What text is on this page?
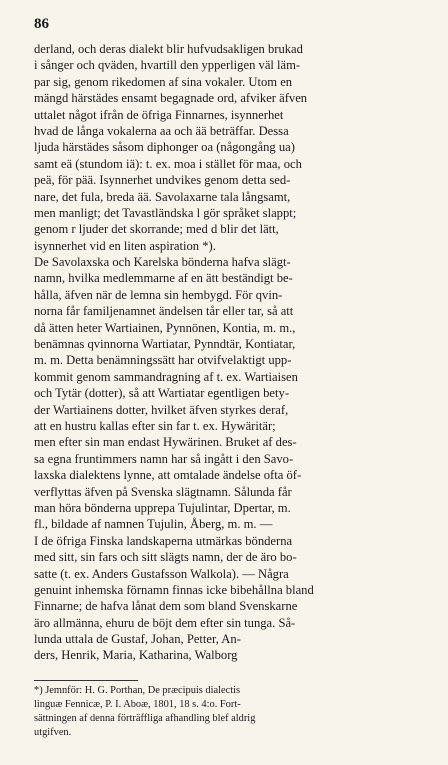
86

derland, och deras dialekt blir hufvudsakligen brukad
i sånger och qväden, hvartill den ypperligen väl läm-
par sig, genom rikedomen af sina vokaler. Utom en
mängd härstädes ensamt begagnade ord, afviker äfven
uttalet något ifrån de öfriga Finnarnes, isynnerhet
hvad de långa vokalerna aa och ää beträffar. Dessa
ljuda härstädes såsom diphonger oa (någongång ua)
samt eä (stundom iä): t. ex. moa i stället för maa, och
peä, för pää. Isynnerhet undvikes genom detta sed-
nare, det fula, breda ää. Savolaxarne tala långsamt,
men manligt; det Tavastländska l gör språket slappt;
genom r ljuder det skorrande; med d blir det lätt,
isynnerhet vid en liten aspiration *).
De Savolaxska och Karelska bönderna hafva slägt-
namn, hvilka medlemmarne af en ätt beständigt be-
hålla, äfven när de lemna sin hembygd. För qvin-
norna får familjenamnet ändelsen tår eller tar, så att
då ätten heter Wartiainen, Pynnönen, Kontia, m. m.,
benämnas qvinnorna Wartiatar, Pynndtär, Kontiatar,
m. m. Detta benämningssätt har otvifvelaktigt upp-
kommit genom sammandragning af t. ex. Wartiaisen
och Tytär (dotter), så att Wartiatar egentligen bety-
der Wartiainens dotter, hvilket äfven styrkes deraf,
att en hustru kallas efter sin far t. ex. Hywäritär;
men efter sin man endast Hywärinen. Bruket af des-
sa egna fruntimmers namn har så ingått i den Savo-
laxska dialektens lynne, att omtalade ändelse ofta öf-
verflyttas äfven på Svenska slägtnamn. Sålunda får
man höra bönderna upprepa Tujulintar, Dpertar, m.
fl., bildade af namnen Tujulin, Åberg, m. m. —
I de öfriga Finska landskaperna utmärkas bönderna
med sitt, sin fars och sitt slägts namn, der de äro bo-
satte (t. ex. Anders Gustafsson Walkola). — Några
genuint inhemska förnamn finnas icke bibehållna bland
Finnarne; de hafva lånat dem som bland Svenskarne
äro allmänna, ehuru de böjt dem efter sin tunga. Så-
lunda uttala de Gustaf, Johan, Petter, An-
ders, Henrik, Maria, Katharina, Walborg
*) Jemnför: H. G. Porthan, De præcipuis dialectis
linguæ Fennicæ, P. I. Aboæ, 1801, 18 s. 4:o. Fort-
sättningen af denna förträffliga afhandling blef aldrig
utgifven.
